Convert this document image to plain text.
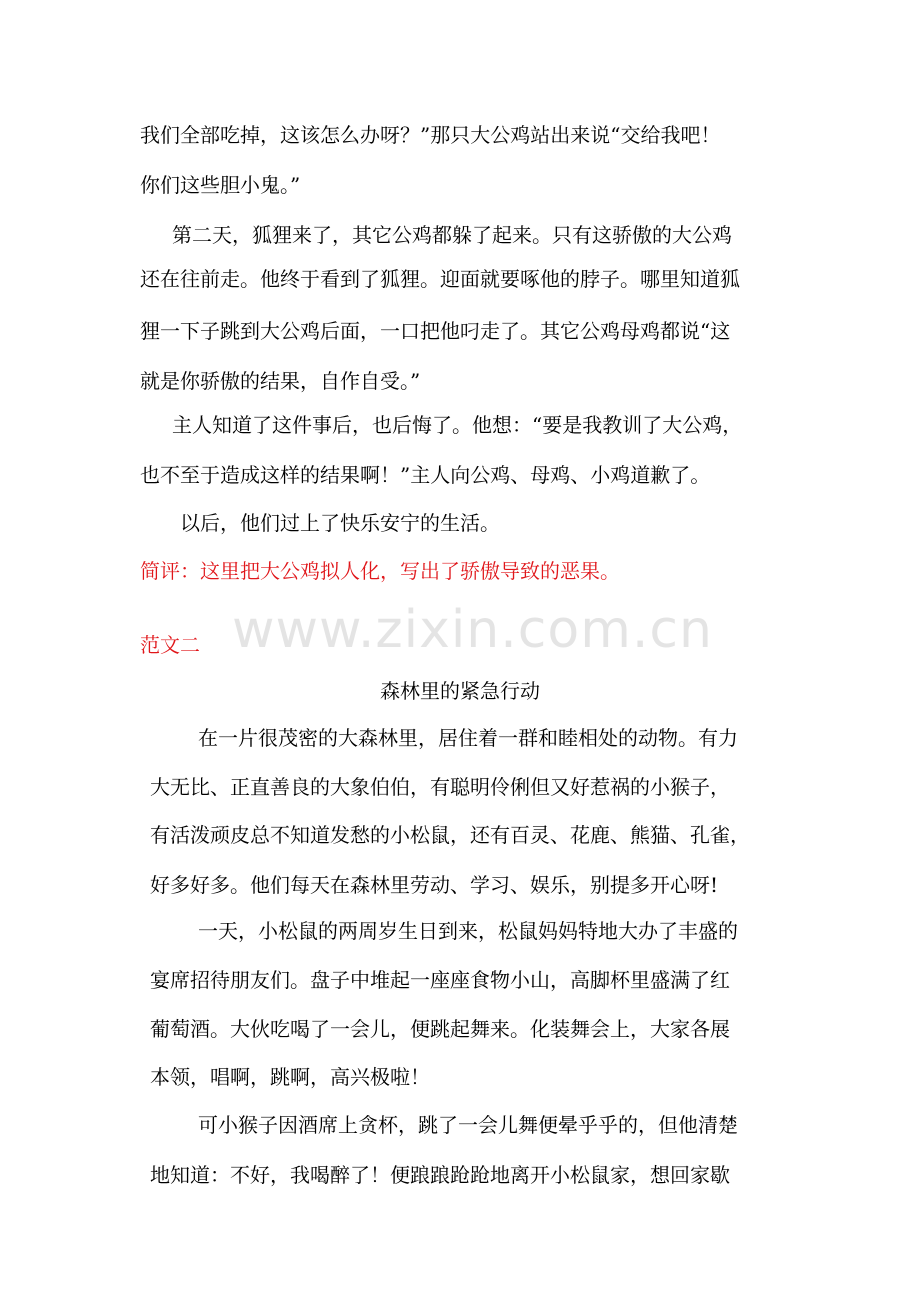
www.zixin.com.cn
我们全部吃掉，这该怎么办呀？”那只大公鸡站出来说“交给我吧！
你们这些胆小鬼。”
第二天，狐狸来了，其它公鸡都躲了起来。只有这骄傲的大公鸡
还在往前走。他终于看到了狐狸。迎面就要啄他的脖子。哪里知道狐
狸一下子跳到大公鸡后面，一口把他叼走了。其它公鸡母鸡都说“这
就是你骄傲的结果，自作自受。”
主人知道了这件事后，也后悔了。他想：“要是我教训了大公鸡，
也不至于造成这样的结果啊！”主人向公鸡、母鸡、小鸡道歉了。
以后，他们过上了快乐安宁的生活。
简评：这里把大公鸡拟人化，写出了骄傲导致的恶果。
范文二
森林里的紧急行动
在一片很茂密的大森林里，居住着一群和睦相处的动物。有力
大无比、正直善良的大象伯伯，有聪明伶俐但又好惹祸的小猴子，
有活泼顽皮总不知道发愁的小松鼠，还有百灵、花鹿、熊猫、孔雀，
好多好多。他们每天在森林里劳动、学习、娱乐，别提多开心呀!
一天，小松鼠的两周岁生日到来，松鼠妈妈特地大办了丰盛的
宴席招待朋友们。盘子中堆起一座座食物小山，高脚杯里盛满了红
葡萄酒。大伙吃喝了一会儿，便跳起舞来。化装舞会上，大家各展
本领，唱啊，跳啊，高兴极啦！
可小猴子因酒席上贪杯，跳了一会儿舞便晕乎乎的，但他清楚
地知道：不好，我喝醉了！便踉踉跄跄地离开小松鼠家，想回家歇
